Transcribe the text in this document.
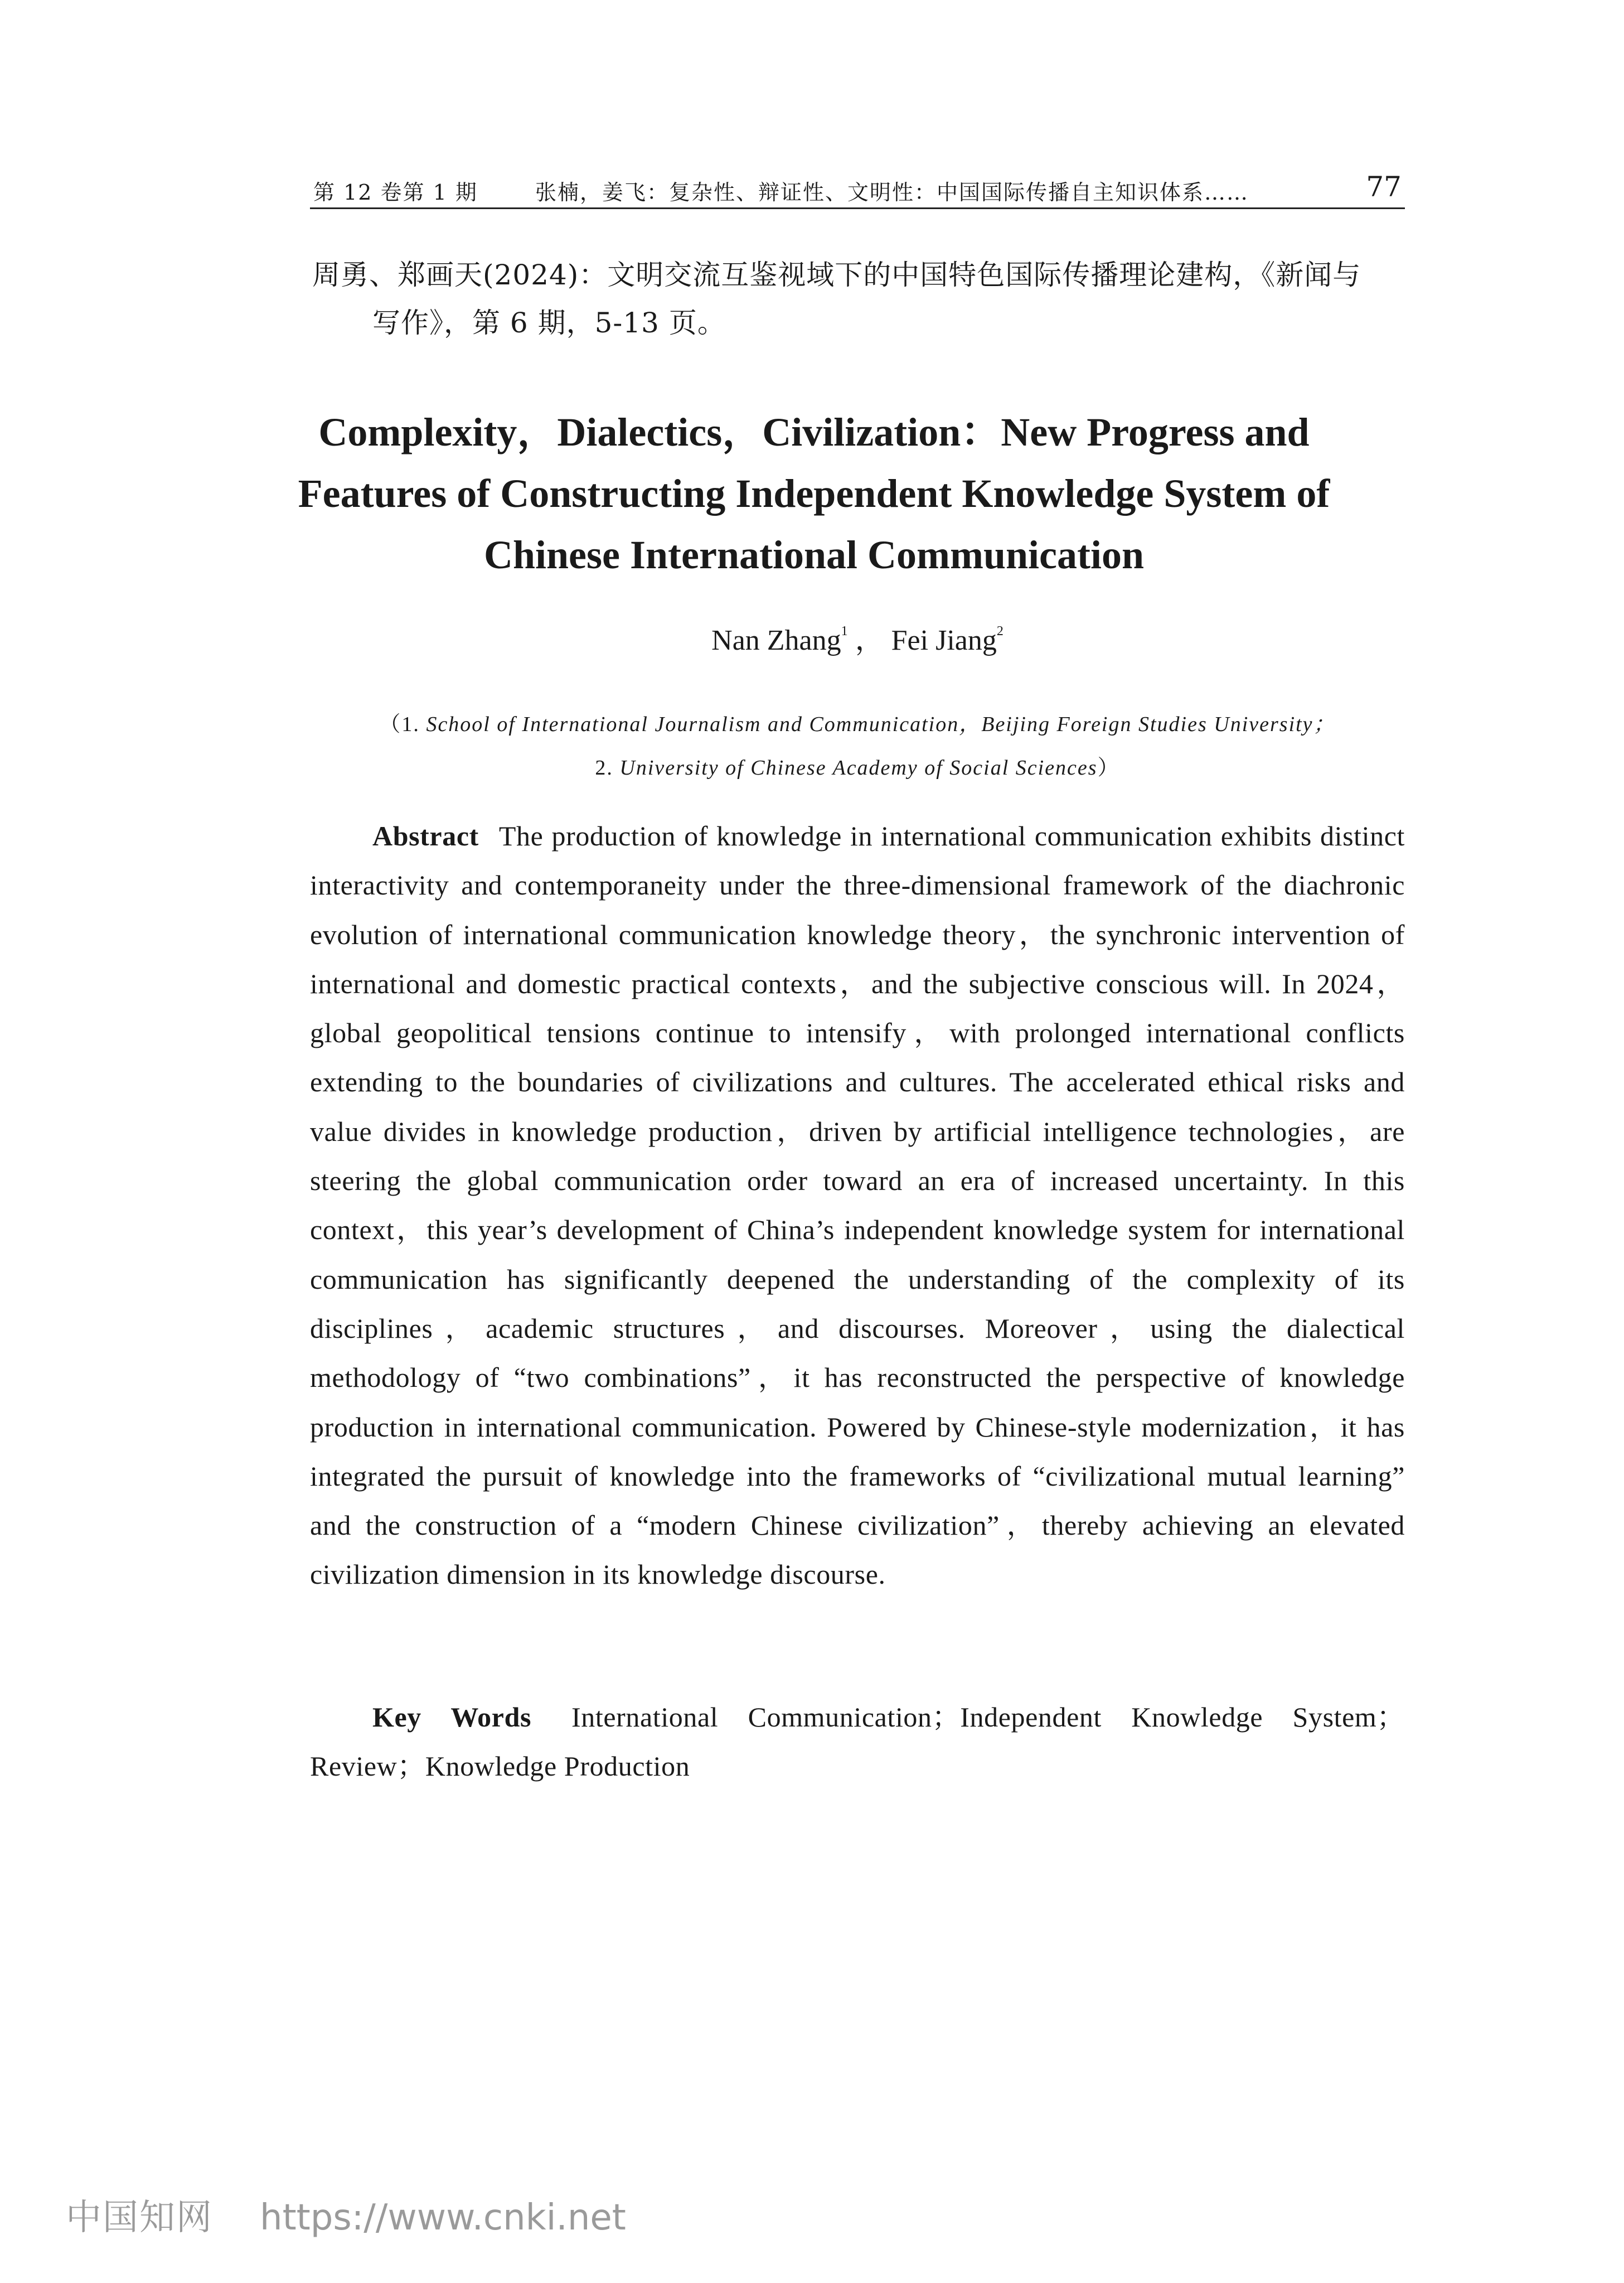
第 12 卷第 1 期	张楠，姜飞：复杂性、辩证性、文明性：中国国际传播自主知识体系……	77
周勇、郑画天(2024)：文明交流互鉴视域下的中国特色国际传播理论建构，《新闻与
写作》，第 6 期，5-13 页。
Complexity，Dialectics，Civilization：New Progress and
Features of Constructing Independent Knowledge System of
Chinese International Communication
Nan Zhang$^1$ ， Fei Jiang$^2$
（1. School of International Journalism and Communication，Beijing Foreign Studies University；
2. University of Chinese Academy of Social Sciences）
Abstract The production of knowledge in international communication exhibits distinct interactivity and contemporaneity under the three-dimensional framework of the diachronic evolution of international communication knowledge theory，the synchronic intervention of international and domestic practical contexts，and the subjective conscious will. In 2024，global geopolitical tensions continue to intensify，with prolonged international conflicts extending to the boundaries of civilizations and cultures. The accelerated ethical risks and value divides in knowledge production，driven by artificial intelligence technologies，are steering the global communication order toward an era of increased uncertainty. In this context，this year’s development of China’s independent knowledge system for international communication has significantly deepened the understanding of the complexity of its disciplines，academic structures，and discourses. Moreover，using the dialectical methodology of “two combinations”，it has reconstructed the perspective of knowledge production in international communication. Powered by Chinese-style modernization，it has integrated the pursuit of knowledge into the frameworks of “civilizational mutual learning” and the construction of a “modern Chinese civilization”，thereby achieving an elevated civilization dimension in its knowledge discourse.
Key Words International Communication；Independent Knowledge System；Review；Knowledge Production
中国知网 https://www.cnki.net
